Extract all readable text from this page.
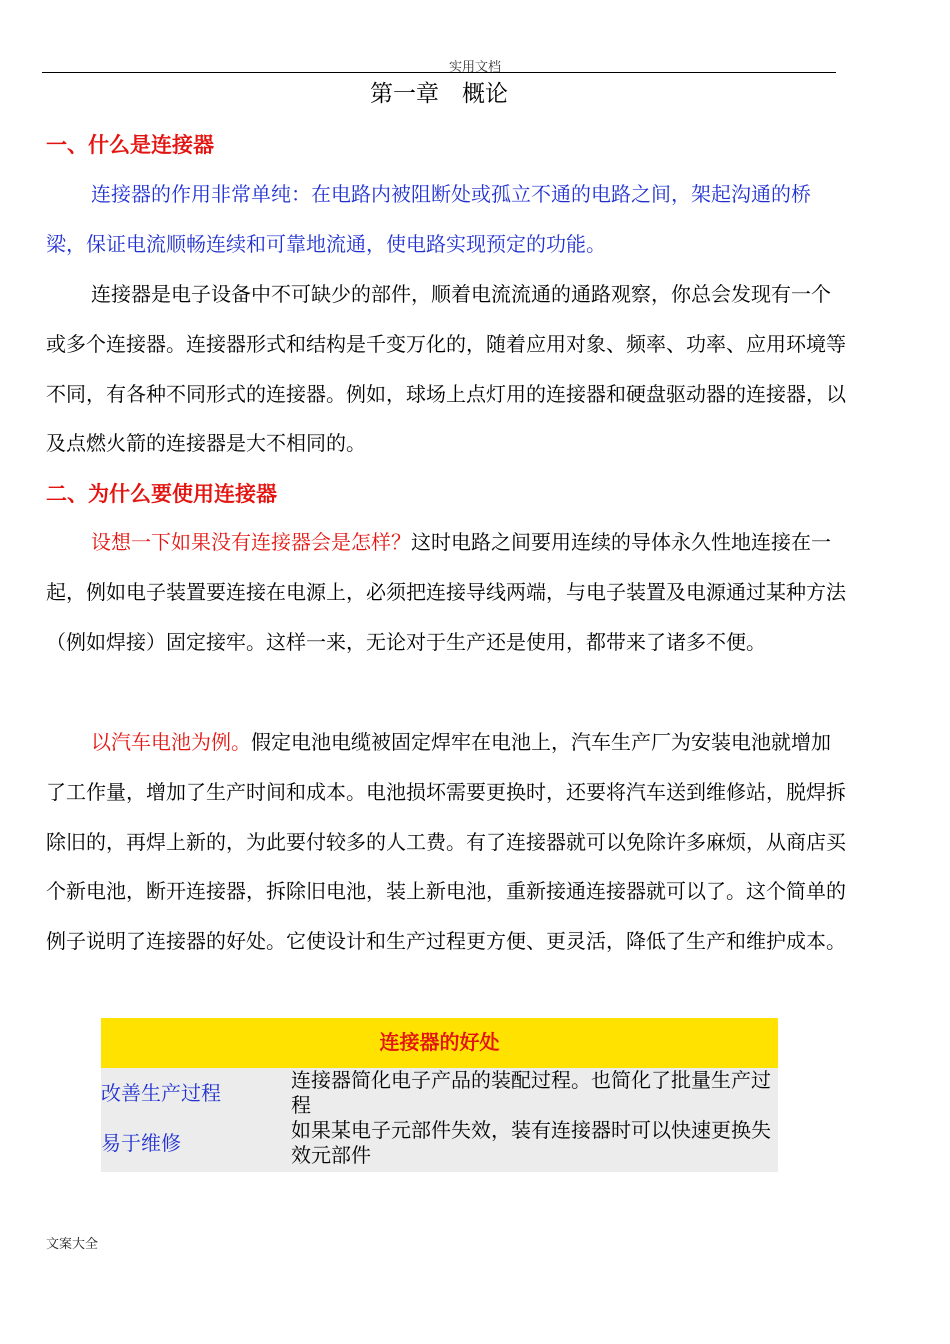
实用文档
第一章　概论
一、什么是连接器

连接器的作用非常单纯：在电路内被阻断处或孤立不通的电路之间，架起沟通的桥梁，保证电流顺畅连续和可靠地流通，使电路实现预定的功能。

连接器是电子设备中不可缺少的部件，顺着电流流通的通路观察，你总会发现有一个或多个连接器。连接器形式和结构是千变万化的，随着应用对象、频率、功率、应用环境等不同，有各种不同形式的连接器。例如，球场上点灯用的连接器和硬盘驱动器的连接器，以及点燃火箭的连接器是大不相同的。

二、为什么要使用连接器

设想一下如果没有连接器会是怎样？这时电路之间要用连续的导体永久性地连接在一起，例如电子装置要连接在电源上，必须把连接导线两端，与电子装置及电源通过某种方法（例如焊接）固定接牢。这样一来，无论对于生产还是使用，都带来了诸多不便。

以汽车电池为例。假定电池电缆被固定焊牢在电池上，汽车生产厂为安装电池就增加了工作量，增加了生产时间和成本。电池损坏需要更换时，还要将汽车送到维修站，脱焊拆除旧的，再焊上新的，为此要付较多的人工费。有了连接器就可以免除许多麻烦，从商店买个新电池，断开连接器，拆除旧电池，装上新电池，重新接通连接器就可以了。这个简单的例子说明了连接器的好处。它使设计和生产过程更方便、更灵活，降低了生产和维护成本。

连接器的好处
改善生产过程
连接器简化电子产品的装配过程。也简化了批量生产过程
易于维修
如果某电子元部件失效，装有连接器时可以快速更换失效元部件
文案大全
